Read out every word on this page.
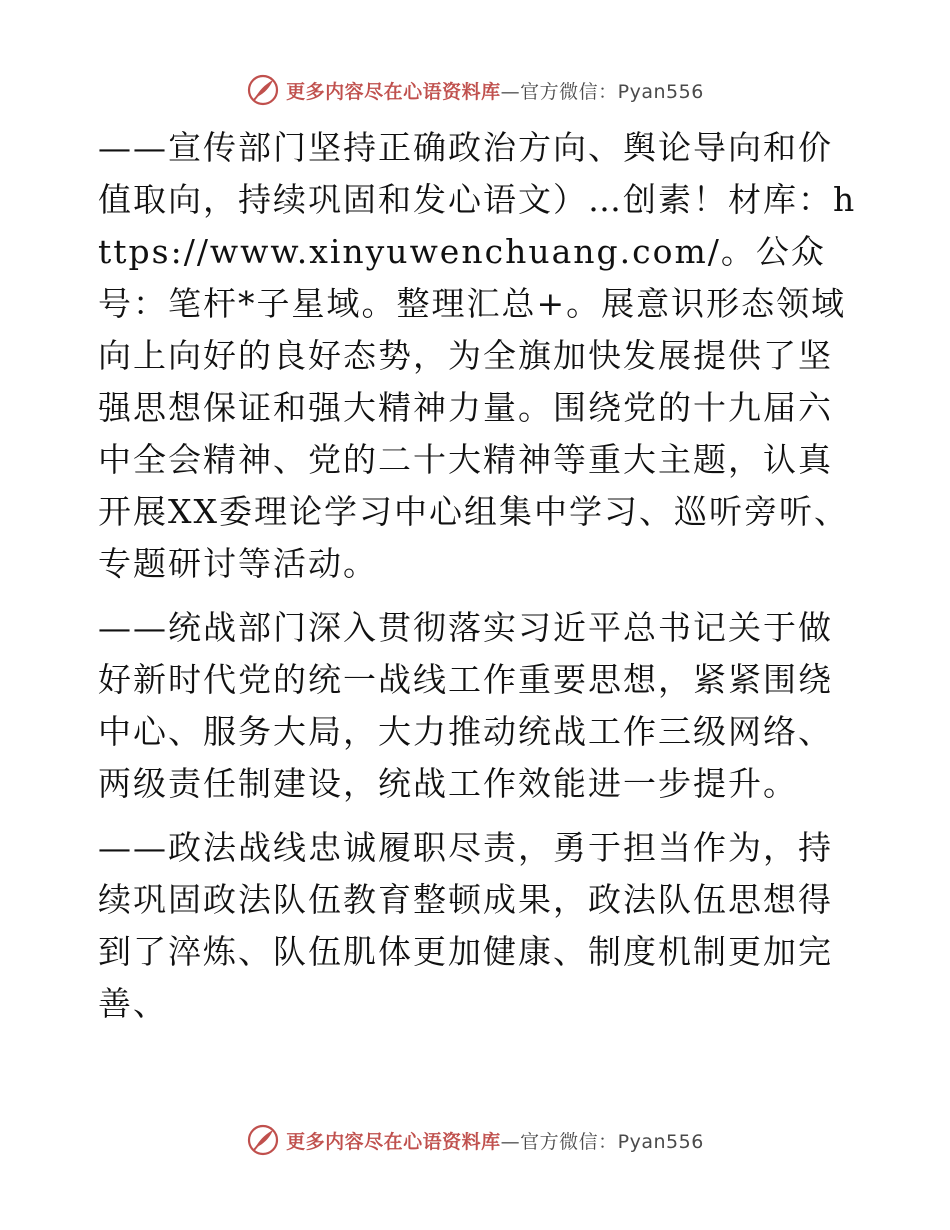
更多内容尽在心语资料库—官方微信：Pyan556

——宣传部门坚持正确政治方向、舆论导向和价值取向，持续巩固和发心语文）…创素！材库：https://www.xinyuwenchuang.com/。公众号：笔杆*子星域。整理汇总+。展意识形态领域向上向好的良好态势，为全旗加快发展提供了坚强思想保证和强大精神力量。围绕党的十九届六中全会精神、党的二十大精神等重大主题，认真开展XX委理论学习中心组集中学习、巡听旁听、专题研讨等活动。

——统战部门深入贯彻落实习近平总书记关于做好新时代党的统一战线工作重要思想，紧紧围绕中心、服务大局，大力推动统战工作三级网络、两级责任制建设，统战工作效能进一步提升。

——政法战线忠诚履职尽责，勇于担当作为，持续巩固政法队伍教育整顿成果，政法队伍思想得到了淬炼、队伍肌体更加健康、制度机制更加完善、

更多内容尽在心语资料库—官方微信：Pyan556
